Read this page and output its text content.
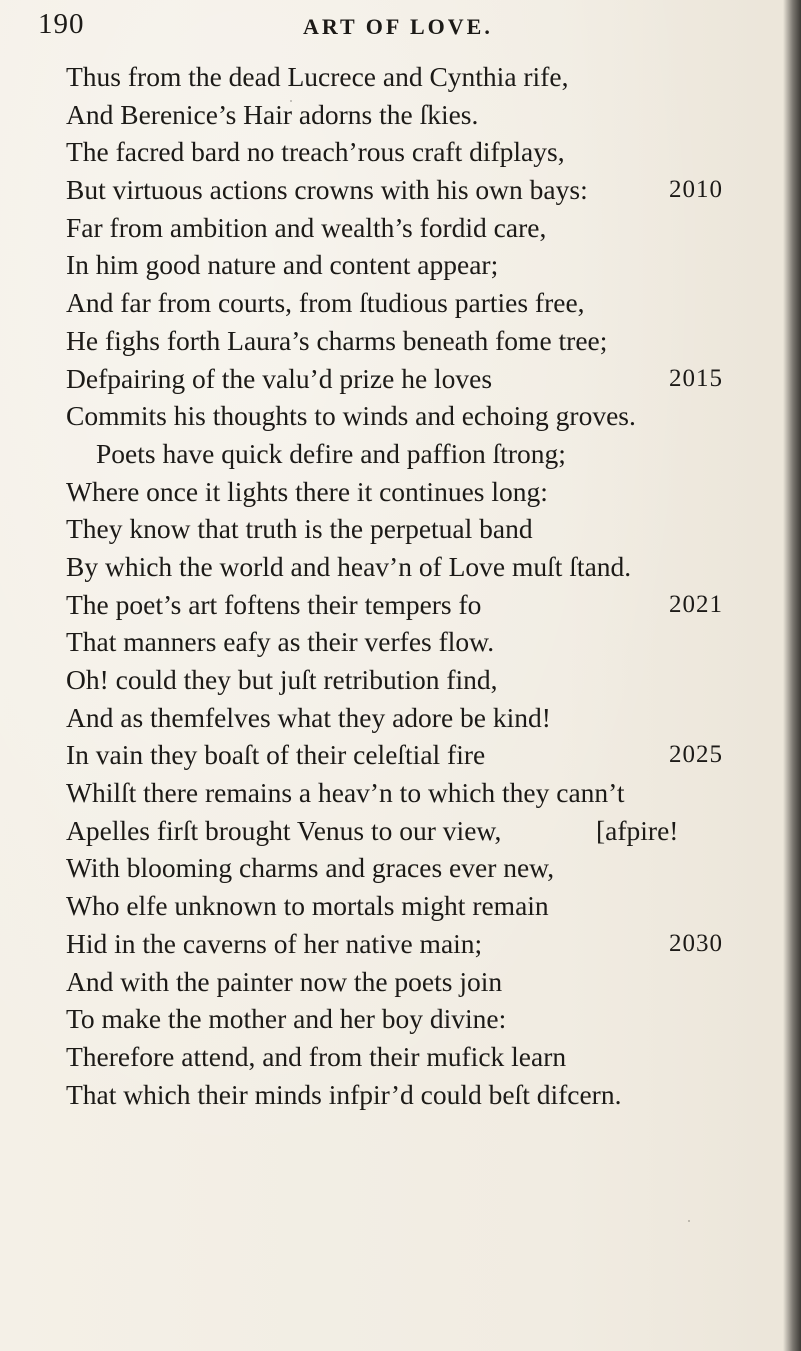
190	ART OF LOVE.
Thus from the dead Lucrece and Cynthia rife,
And Berenice’s Hair adorns the ſkies.
The facred bard no treach’rous craft difplays,
But virtuous actions crowns with his own bays:	2010
Far from ambition and wealth’s fordid care,
In him good nature and content appear;
And far from courts, from ſtudious parties free,
He fighs forth Laura’s charms beneath fome tree;
Defpairing of the valu’d prize he loves	2015
Commits his thoughts to winds and echoing groves.
Poets have quick defire and paffion ſtrong;
Where once it lights there it continues long:
They know that truth is the perpetual band
By which the world and heav’n of Love muſt ſtand.
The poet’s art foftens their tempers fo	2021
That manners eafy as their verfes flow.
Oh! could they but juſt retribution find,
And as themfelves what they adore be kind!
In vain they boaſt of their celeſtial fire	2025
Whilſt there remains a heav’n to which they cann’t
Apelles firſt brought Venus to our view,	[afpire!
With blooming charms and graces ever new,
Who elfe unknown to mortals might remain
Hid in the caverns of her native main;	2030
And with the painter now the poets join
To make the mother and her boy divine:
Therefore attend, and from their mufick learn
That which their minds infpir’d could beſt difcern.
